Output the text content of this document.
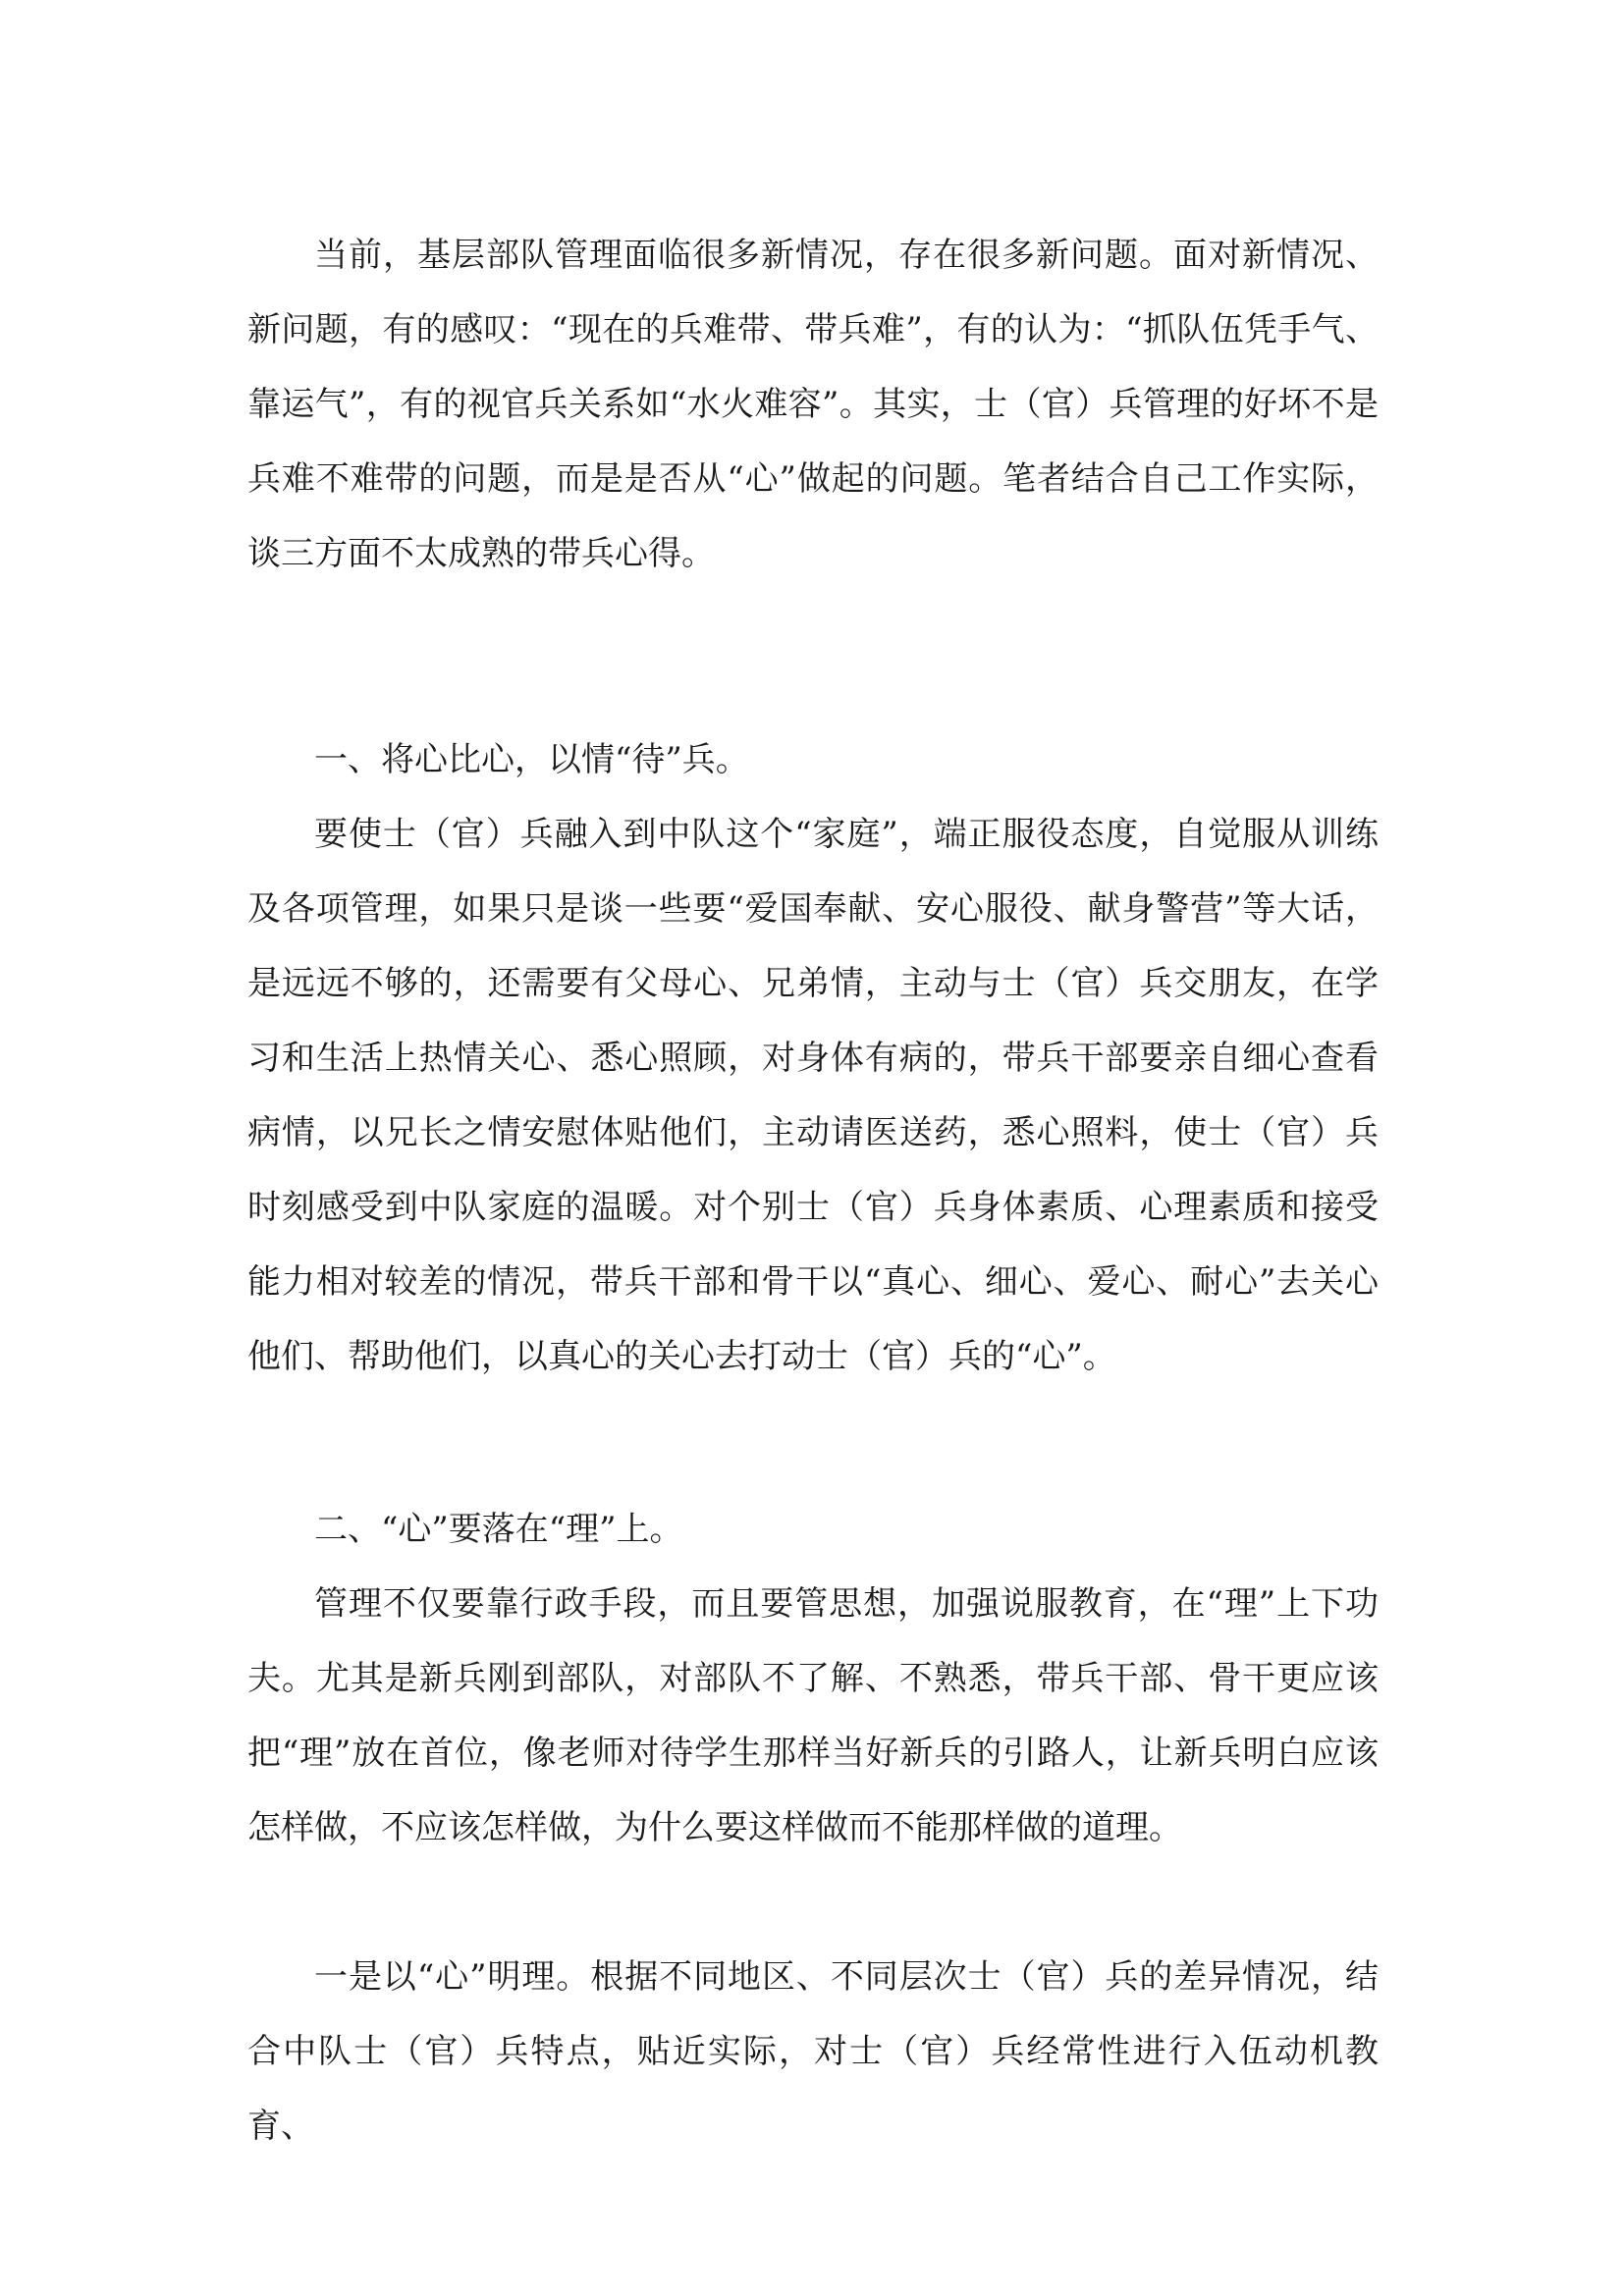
当前，基层部队管理面临很多新情况，存在很多新问题。面对新情况、新问题，有的感叹：“现在的兵难带、带兵难”，有的认为：“抓队伍凭手气、靠运气”，有的视官兵关系如“水火难容”。其实，士（官）兵管理的好坏不是兵难不难带的问题，而是是否从“心”做起的问题。笔者结合自己工作实际，谈三方面不太成熟的带兵心得。

一、将心比心，以情“待”兵。

要使士（官）兵融入到中队这个“家庭”，端正服役态度，自觉服从训练及各项管理，如果只是谈一些要“爱国奉献、安心服役、献身警营”等大话，是远远不够的，还需要有父母心、兄弟情，主动与士（官）兵交朋友，在学习和生活上热情关心、悉心照顾，对身体有病的，带兵干部要亲自细心查看病情，以兄长之情安慰体贴他们，主动请医送药，悉心照料，使士（官）兵时刻感受到中队家庭的温暖。对个别士（官）兵身体素质、心理素质和接受能力相对较差的情况，带兵干部和骨干以“真心、细心、爱心、耐心”去关心他们、帮助他们，以真心的关心去打动士（官）兵的“心”。

二、“心”要落在“理”上。

管理不仅要靠行政手段，而且要管思想，加强说服教育，在“理”上下功夫。尤其是新兵刚到部队，对部队不了解、不熟悉，带兵干部、骨干更应该把“理”放在首位，像老师对待学生那样当好新兵的引路人，让新兵明白应该怎样做，不应该怎样做，为什么要这样做而不能那样做的道理。

一是以“心”明理。根据不同地区、不同层次士（官）兵的差异情况，结合中队士（官）兵特点，贴近实际，对士（官）兵经常性进行入伍动机教育、
